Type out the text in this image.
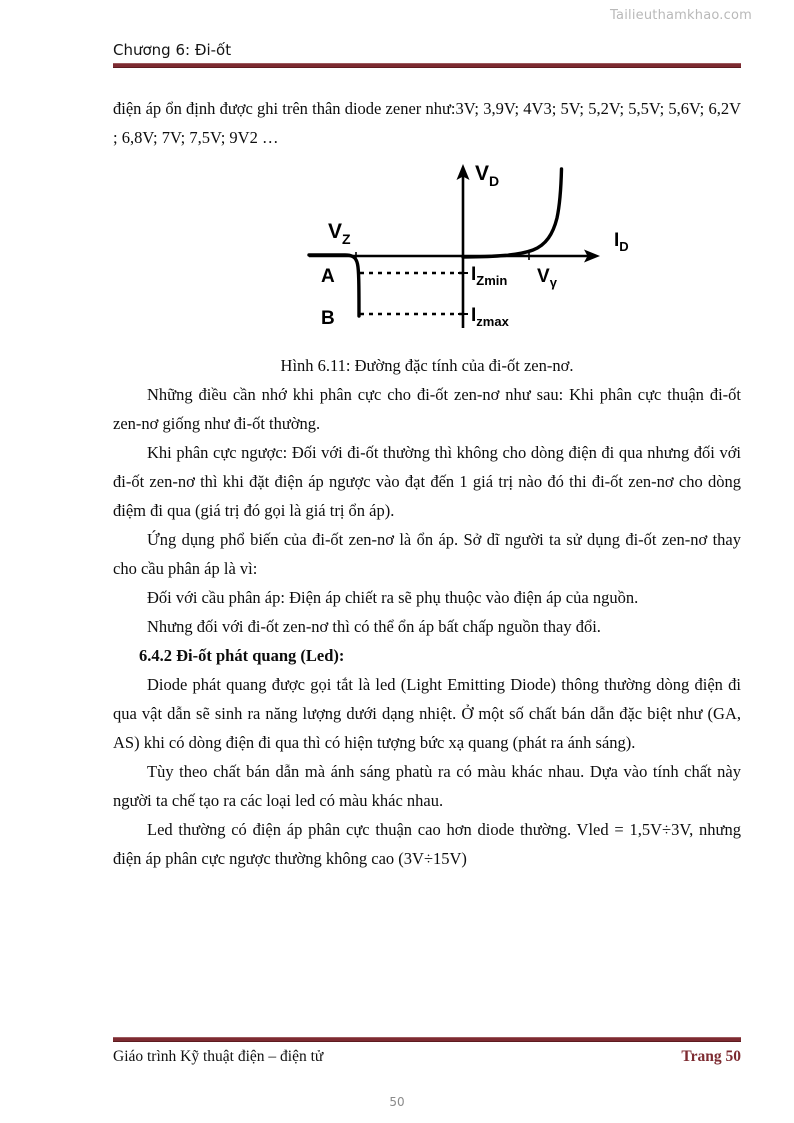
Tailieuthamkhao.com
Chương 6: Đi-ốt

điện áp ổn định được ghi trên thân diode zener như:3V; 3,9V; 4V3; 5V; 5,2V; 5,5V; 5,6V; 6,2V ; 6,8V; 7V; 7,5V; 9V2 …

$V_D$
$I_D$
$V_Z$
$V_\gamma$
$I_{Zmin}$
$I_{zmax}$
A
B

Hình 6.11: Đường đặc tính của đi-ốt zen-nơ.

Những điều cần nhớ khi phân cực cho đi-ốt zen-nơ như sau: Khi phân cực thuận đi-ốt zen-nơ giống như đi-ốt thường.

Khi phân cực ngược: Đối với đi-ốt thường thì không cho dòng điện đi qua nhưng đối với đi-ốt zen-nơ thì khi đặt điện áp ngược vào đạt đến 1 giá trị nào đó thi đi-ốt zen-nơ cho dòng điệm đi qua (giá trị đó gọi là giá trị ổn áp).

Ứng dụng phổ biến của đi-ốt zen-nơ là ổn áp. Sở dĩ người ta sử dụng đi-ốt zen-nơ thay cho cầu phân áp là vì:

Đối với cầu phân áp: Điện áp chiết ra sẽ phụ thuộc vào điện áp của nguồn.

Nhưng đối với đi-ốt zen-nơ thì có thể ổn áp bất chấp nguồn thay đổi.

6.4.2 Đi-ốt phát quang (Led):

Diode phát quang được gọi tắt là led (Light Emitting Diode) thông thường dòng điện đi qua vật dẫn sẽ sinh ra năng lượng dưới dạng nhiệt. Ở một số chất bán dẫn đặc biệt như (GA, AS) khi có dòng điện đi qua thì có hiện tượng bức xạ quang (phát ra ánh sáng).

Tùy theo chất bán dẫn mà ánh sáng phatù ra có màu khác nhau. Dựa vào tính chất này người ta chế tạo ra các loại led có màu khác nhau.

Led thường có điện áp phân cực thuận cao hơn diode thường. Vled = 1,5V÷3V, nhưng điện áp phân cực ngược thường không cao (3V÷15V)

Giáo trình Kỹ thuật điện – điện tử	Trang 50
50
